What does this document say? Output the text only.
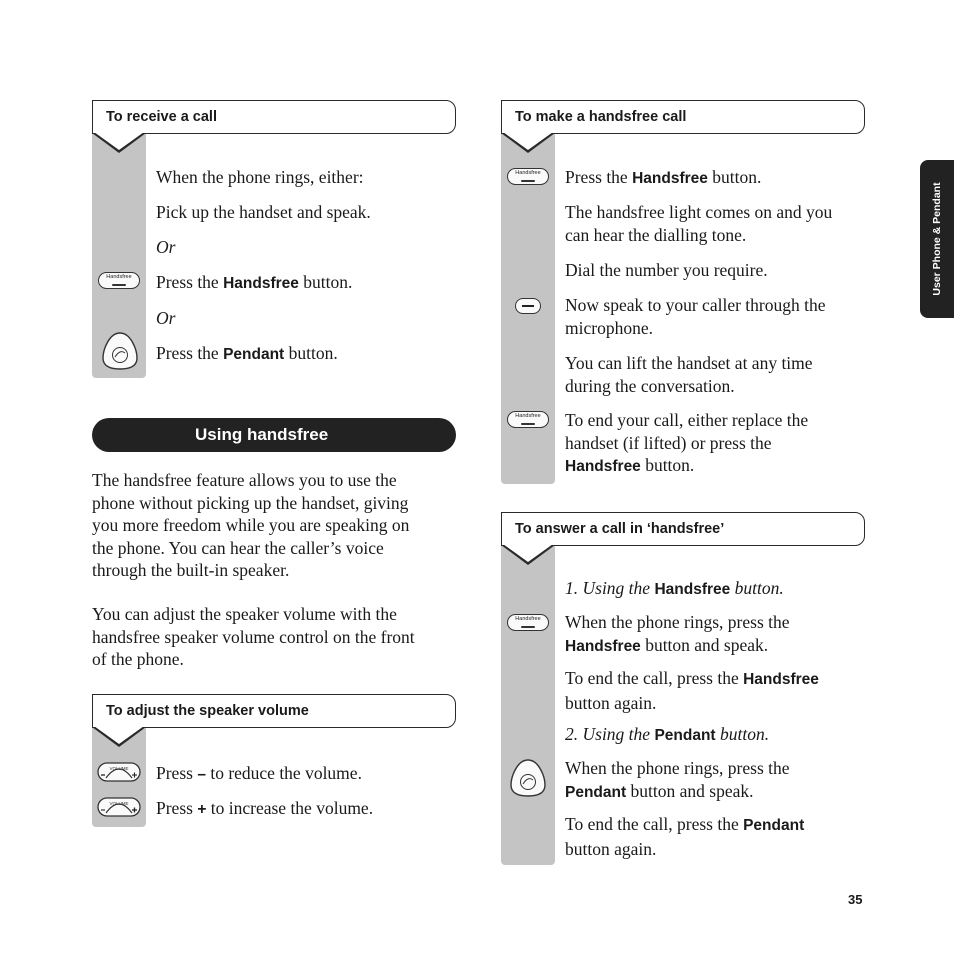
To receive a call
When the phone rings, either:
Pick up the handset and speak.
Or
Handsfree	Press the Handsfree button.
Or
Press the Pendant button.
Using handsfree
The handsfree feature allows you to use the
phone without picking up the handset, giving
you more freedom while you are speaking on
the phone. You can hear the caller’s voice
through the built-in speaker.
You can adjust the speaker volume with the
handsfree speaker volume control on the front
of the phone.
To adjust the speaker volume
VOLUME Press – to reduce the volume.
VOLUME Press + to increase the volume.
To make a handsfree call
Handsfree	Press the Handsfree button.
The handsfree light comes on and you
can hear the dialling tone.
Dial the number you require.
Now speak to your caller through the
microphone.
You can lift the handset at any time
during the conversation.
Handsfree	To end your call, either replace the
handset (if lifted) or press the
Handsfree button.
To answer a call in ‘handsfree’
1. Using the Handsfree button.
Handsfree	When the phone rings, press the
Handsfree button and speak.
To end the call, press the Handsfree
button again.
2. Using the Pendant button.
When the phone rings, press the
Pendant button and speak.
To end the call, press the Pendant
button again.
User Phone & Pendant
35
